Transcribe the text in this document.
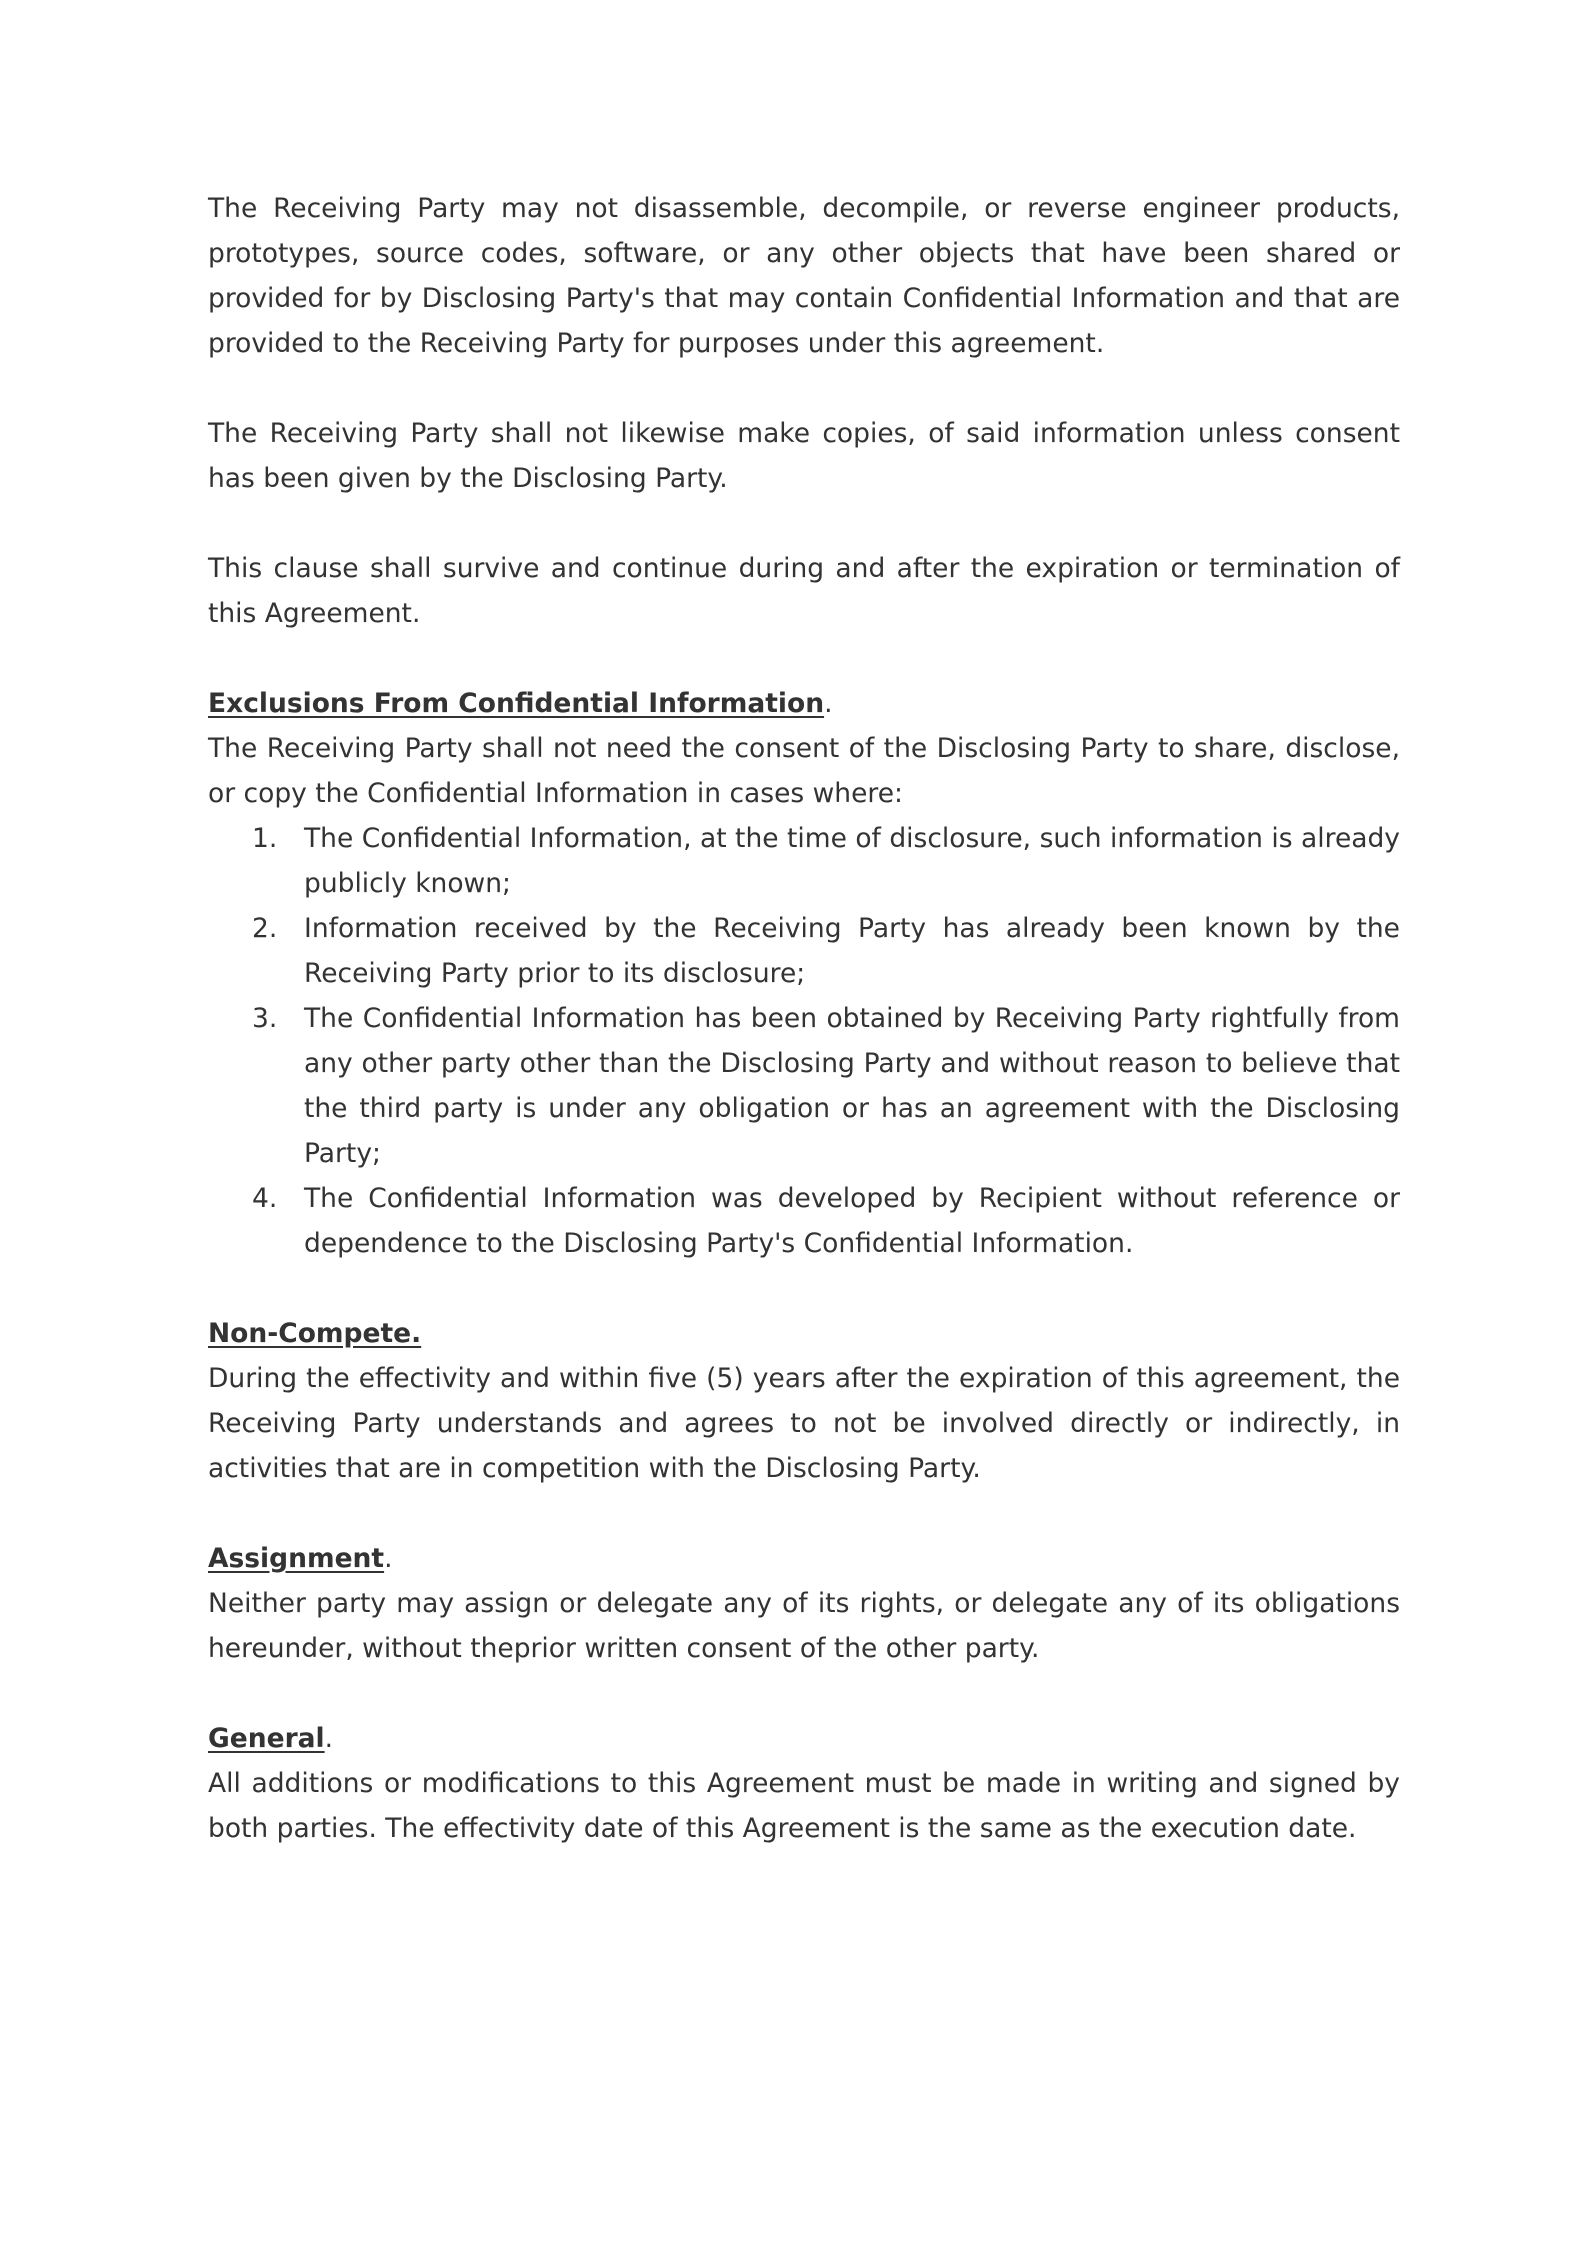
The Receiving Party may not disassemble, decompile, or reverse engineer products, prototypes, source codes, software, or any other objects that have been shared or provided for by Disclosing Party's that may contain Confidential Information and that are provided to the Receiving Party for purposes under this agreement.

The Receiving Party shall not likewise make copies, of said information unless consent has been given by the Disclosing Party.

This clause shall survive and continue during and after the expiration or termination of this Agreement.

Exclusions From Confidential Information.

The Receiving Party shall not need the consent of the Disclosing Party to share, disclose, or copy the Confidential Information in cases where:

1.	The Confidential Information, at the time of disclosure, such information is already publicly known;
2.	Information received by the Receiving Party has already been known by the Receiving Party prior to its disclosure;
3.	The Confidential Information has been obtained by Receiving Party rightfully from any other party other than the Disclosing Party and without reason to believe that the third party is under any obligation or has an agreement with the Disclosing Party;
4.	The Confidential Information was developed by Recipient without reference or dependence to the Disclosing Party's Confidential Information.
Non-Compete.

During the effectivity and within five (5) years after the expiration of this agreement, the Receiving Party understands and agrees to not be involved directly or indirectly, in activities that are in competition with the Disclosing Party.

Assignment.

Neither party may assign or delegate any of its rights, or delegate any of its obligations hereunder, without theprior written consent of the other party.

General.

All additions or modifications to this Agreement must be made in writing and signed by both parties. The effectivity date of this Agreement is the same as the execution date.
